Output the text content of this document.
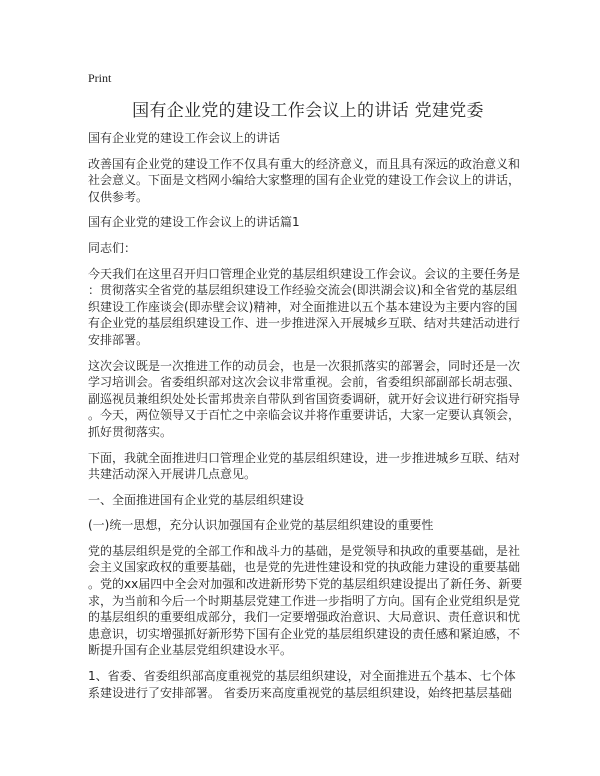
Print
国有企业党的建设工作会议上的讲话 党建党委
国有企业党的建设工作会议上的讲话
改善国有企业党的建设工作不仅具有重大的经济意义，而且具有深远的政治意义和
社会意义。下面是文档网小编给大家整理的国有企业党的建设工作会议上的讲话，
仅供参考。
国有企业党的建设工作会议上的讲话篇1
同志们：
今天我们在这里召开归口管理企业党的基层组织建设工作会议。会议的主要任务是
：贯彻落实全省党的基层组织建设工作经验交流会(即洪湖会议)和全省党的基层组
织建设工作座谈会(即赤壁会议)精神，对全面推进以五个基本建设为主要内容的国
有企业党的基层组织建设工作、进一步推进深入开展城乡互联、结对共建活动进行
安排部署。
这次会议既是一次推进工作的动员会，也是一次狠抓落实的部署会，同时还是一次
学习培训会。省委组织部对这次会议非常重视。会前，省委组织部副部长胡志强、
副巡视员兼组织处处长雷邦贵亲自带队到省国资委调研，就开好会议进行研究指导
。今天，两位领导又于百忙之中亲临会议并将作重要讲话，大家一定要认真领会，
抓好贯彻落实。
下面，我就全面推进归口管理企业党的基层组织建设，进一步推进城乡互联、结对
共建活动深入开展讲几点意见。
一、全面推进国有企业党的基层组织建设
(一)统一思想，充分认识加强国有企业党的基层组织建设的重要性
党的基层组织是党的全部工作和战斗力的基础，是党领导和执政的重要基础，是社
会主义国家政权的重要基础，也是党的先进性建设和党的执政能力建设的重要基础
。党的xx届四中全会对加强和改进新形势下党的基层组织建设提出了新任务、新要
求，为当前和今后一个时期基层党建工作进一步指明了方向。国有企业党组织是党
的基层组织的重要组成部分，我们一定要增强政治意识、大局意识、责任意识和忧
患意识，切实增强抓好新形势下国有企业党的基层组织建设的责任感和紧迫感，不
断提升国有企业基层党组织建设水平。
1、省委、省委组织部高度重视党的基层组织建设，对全面推进五个基本、七个体
系建设进行了安排部署。 省委历来高度重视党的基层组织建设，始终把基层基础
